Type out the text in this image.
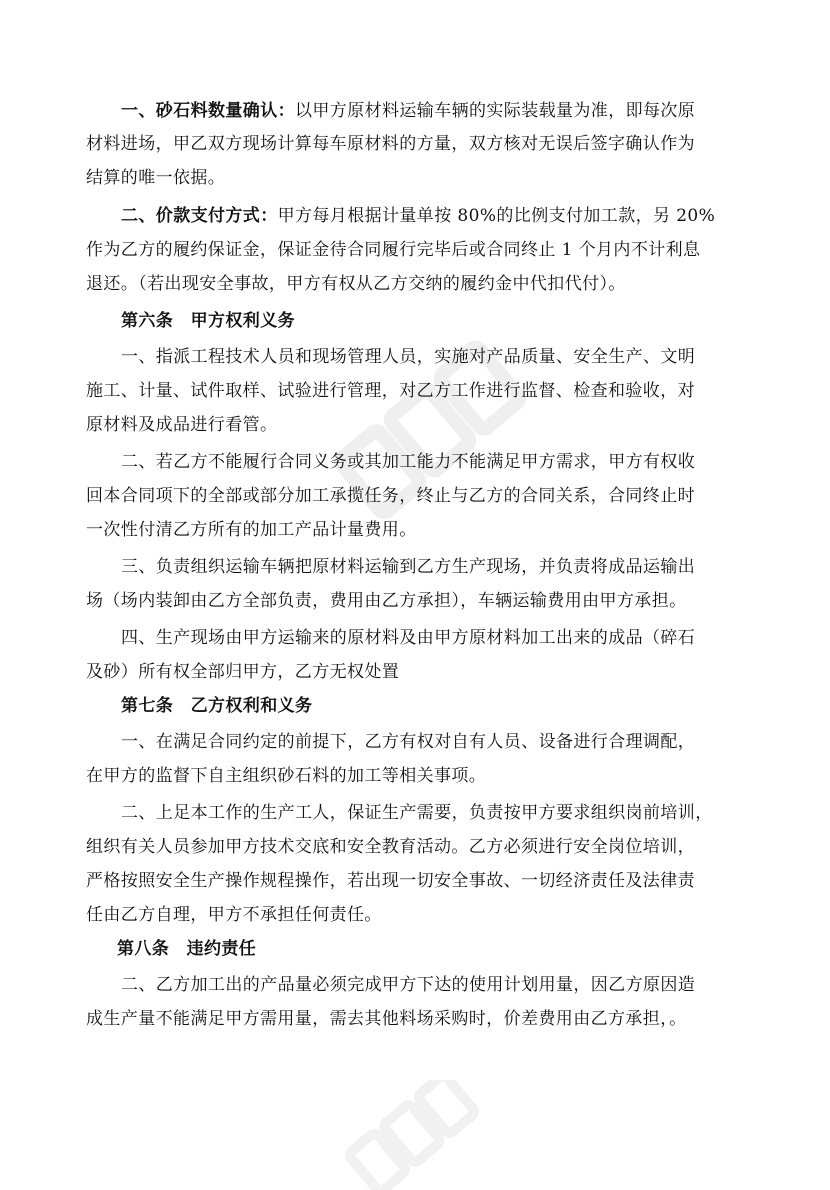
一、砂石料数量确认：以甲方原材料运输车辆的实际装载量为准，即每次原
材料进场，甲乙双方现场计算每车原材料的方量，双方核对无误后签字确认作为
结算的唯一依据。
二、价款支付方式：甲方每月根据计量单按 80%的比例支付加工款，另 20%
作为乙方的履约保证金，保证金待合同履行完毕后或合同终止 1 个月内不计利息
退还。（若出现安全事故，甲方有权从乙方交纳的履约金中代扣代付）。
第六条　甲方权利义务
一、指派工程技术人员和现场管理人员，实施对产品质量、安全生产、文明
施工、计量、试件取样、试验进行管理，对乙方工作进行监督、检查和验收，对
原材料及成品进行看管。
二、若乙方不能履行合同义务或其加工能力不能满足甲方需求，甲方有权收
回本合同项下的全部或部分加工承揽任务，终止与乙方的合同关系，合同终止时
一次性付清乙方所有的加工产品计量费用。
三、负责组织运输车辆把原材料运输到乙方生产现场，并负责将成品运输出
场（场内装卸由乙方全部负责，费用由乙方承担），车辆运输费用由甲方承担。
四、生产现场由甲方运输来的原材料及由甲方原材料加工出来的成品（碎石
及砂）所有权全部归甲方，乙方无权处置
第七条　乙方权利和义务
一、在满足合同约定的前提下，乙方有权对自有人员、设备进行合理调配，
在甲方的监督下自主组织砂石料的加工等相关事项。
二、上足本工作的生产工人，保证生产需要，负责按甲方要求组织岗前培训，
组织有关人员参加甲方技术交底和安全教育活动。乙方必须进行安全岗位培训，
严格按照安全生产操作规程操作，若出现一切安全事故、一切经济责任及法律责
任由乙方自理，甲方不承担任何责任。
第八条　违约责任
二、乙方加工出的产品量必须完成甲方下达的使用计划用量，因乙方原因造
成生产量不能满足甲方需用量，需去其他料场采购时，价差费用由乙方承担，。
